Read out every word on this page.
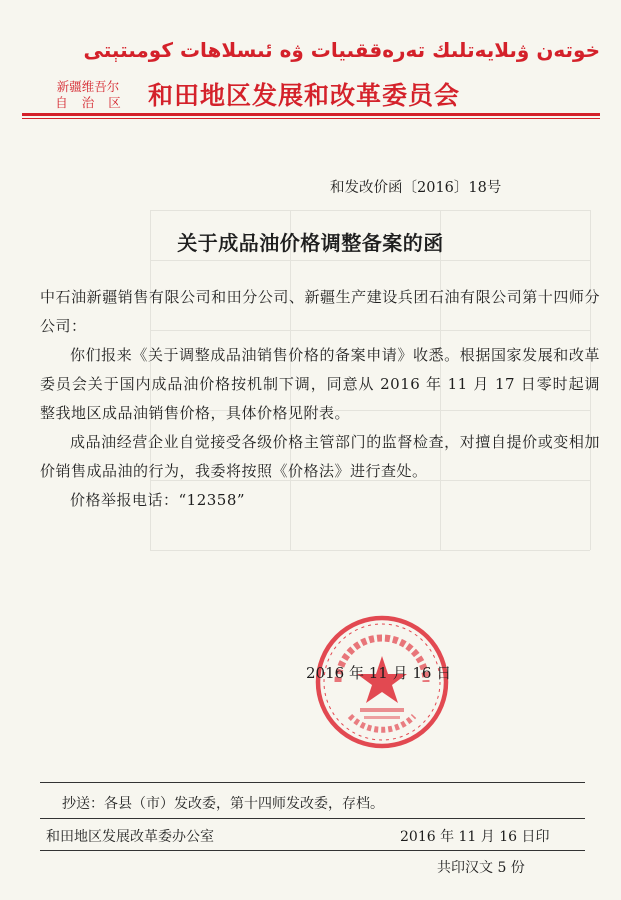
خوتەن ۋىلايەتلىك تەرەققىيات ۋە ئىسلاھات كومىتېتى
新疆维吾尔
自治区 和田地区发展和改革委员会
和发改价函〔2016〕18号
关于成品油价格调整备案的函

中石油新疆销售有限公司和田分公司、新疆生产建设兵团石油有限公司第十四师分公司：

你们报来《关于调整成品油销售价格的备案申请》收悉。根据国家发展和改革委员会关于国内成品油价格按机制下调，同意从 2016 年 11 月 17 日零时起调整我地区成品油销售价格，具体价格见附表。

成品油经营企业自觉接受各级价格主管部门的监督检查，对擅自提价或变相加价销售成品油的行为，我委将按照《价格法》进行查处。

价格举报电话：“12358”

2016 年 11 月 16 日
抄送：各县（市）发改委，第十四师发改委，存档。
和田地区发展改革委办公室	2016 年 11 月 16 日印
共印汉文 5 份
